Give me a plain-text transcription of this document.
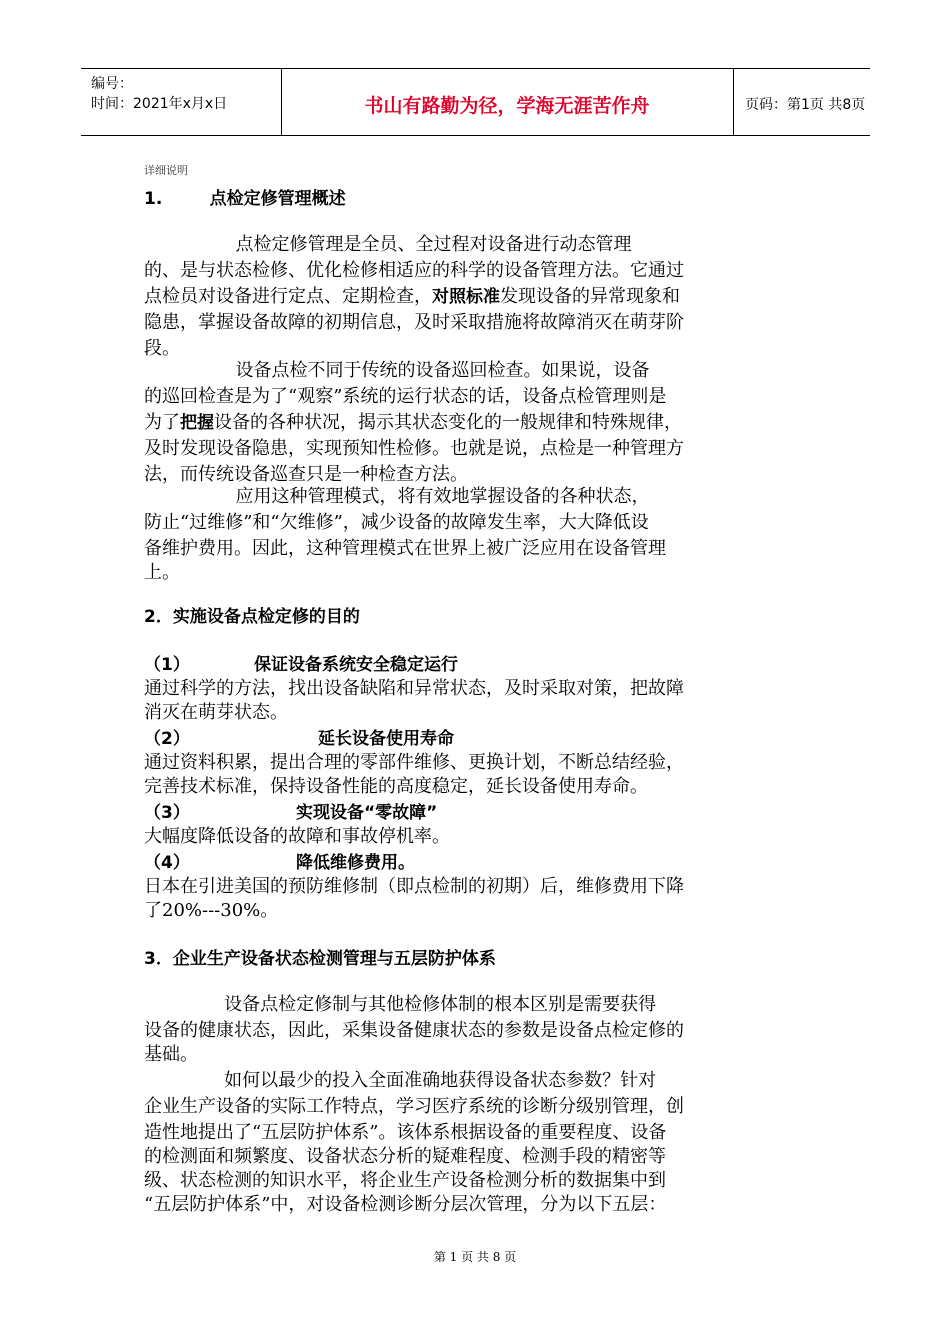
编号：
时间：2021年x月x日	书山有路勤为径，学海无涯苦作舟	页码：第1页 共8页
详细说明
1.        点检定修管理概述
点检定修管理是全员、全过程对设备进行动态管理
的、是与状态检修、优化检修相适应的科学的设备管理方法。它通过
点检员对设备进行定点、定期检查，对照标准发现设备的异常现象和
隐患，掌握设备故障的初期信息，及时采取措施将故障消灭在萌芽阶
段。
设备点检不同于传统的设备巡回检查。如果说，设备
的巡回检查是为了“观察”系统的运行状态的话，设备点检管理则是
为了把握设备的各种状况，揭示其状态变化的一般规律和特殊规律，
及时发现设备隐患，实现预知性检修。也就是说，点检是一种管理方
法，而传统设备巡查只是一种检查方法。
应用这种管理模式，将有效地掌握设备的各种状态，
防止“过维修”和“欠维修”，减少设备的故障发生率，大大降低设
备维护费用。因此，这种管理模式在世界上被广泛应用在设备管理
上。
2．实施设备点检定修的目的
（1）	保证设备系统安全稳定运行
通过科学的方法，找出设备缺陷和异常状态，及时采取对策，把故障
消灭在萌芽状态。
（2）	延长设备使用寿命
通过资料积累，提出合理的零部件维修、更换计划，不断总结经验，
完善技术标准，保持设备性能的高度稳定，延长设备使用寿命。
（3）	实现设备“零故障”
大幅度降低设备的故障和事故停机率。
（4）	降低维修费用。
日本在引进美国的预防维修制（即点检制的初期）后，维修费用下降
了20%---30%。
3．企业生产设备状态检测管理与五层防护体系
设备点检定修制与其他检修体制的根本区别是需要获得
设备的健康状态，因此，采集设备健康状态的参数是设备点检定修的
基础。
如何以最少的投入全面准确地获得设备状态参数？针对
企业生产设备的实际工作特点，学习医疗系统的诊断分级别管理，创
造性地提出了“五层防护体系”。该体系根据设备的重要程度、设备
的检测面和频繁度、设备状态分析的疑难程度、检测手段的精密等
级、状态检测的知识水平，将企业生产设备检测分析的数据集中到
“五层防护体系”中，对设备检测诊断分层次管理，分为以下五层：
第 1 页 共 8 页
